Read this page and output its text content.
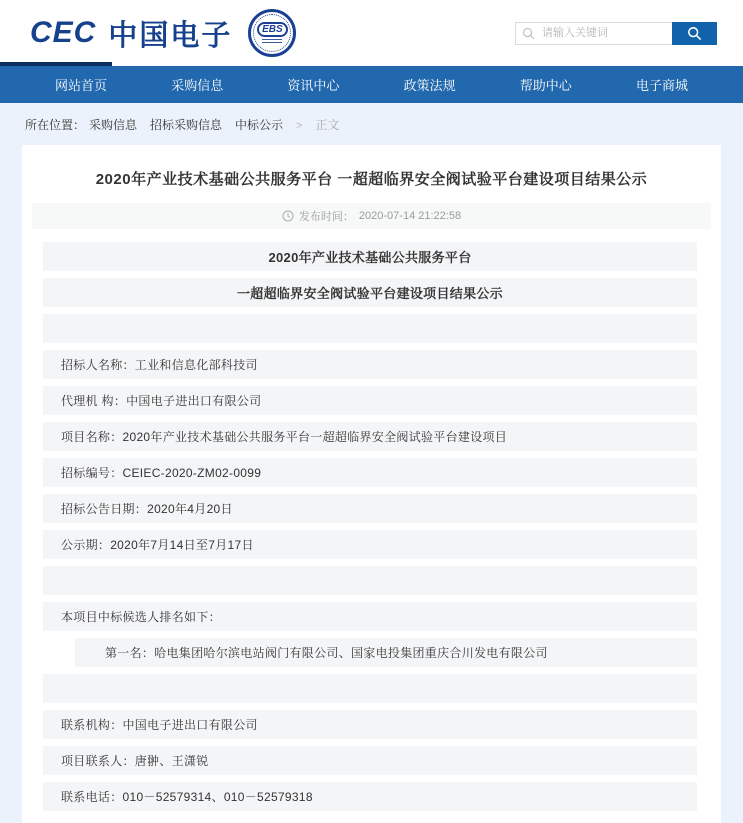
CEC 中国电子	EBS
请输入关键词
网站首页	采购信息	资讯中心	政策法规	帮助中心	电子商城
所在位置： 采购信息 招标采购信息 中标公示 > 正文
2020年产业技术基础公共服务平台 一超超临界安全阀试验平台建设项目结果公示
发布时间： 2020-07-14 21:22:58
2020年产业技术基础公共服务平台
一超超临界安全阀试验平台建设项目结果公示
招标人名称：工业和信息化部科技司
代理机 构：中国电子进出口有限公司
项目名称：2020年产业技术基础公共服务平台一超超临界安全阀试验平台建设项目
招标编号：CEIEC-2020-ZM02-0099
招标公告日期：2020年4月20日
公示期：2020年7月14日至7月17日
本项目中标候选人排名如下：
第一名：哈电集团哈尔滨电站阀门有限公司、国家电投集团重庆合川发电有限公司
联系机构：中国电子进出口有限公司
项目联系人：唐翀、王潇锐
联系电话：010－52579314、010－52579318
